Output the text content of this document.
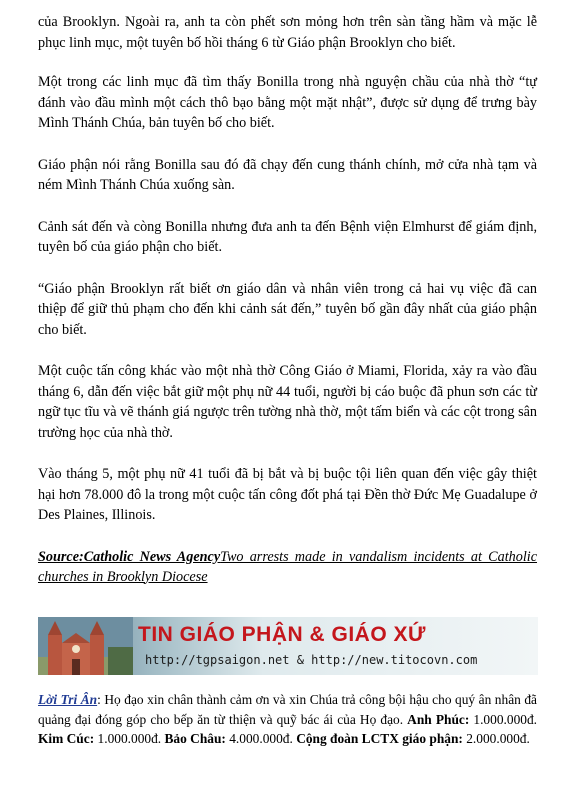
của Brooklyn. Ngoài ra, anh ta còn phết sơn mỏng hơn trên sàn tầng hầm và mặc lễ phục linh mục, một tuyên bố hồi tháng 6 từ Giáo phận Brooklyn cho biết.

Một trong các linh mục đã tìm thấy Bonilla trong nhà nguyện chầu của nhà thờ “tự đánh vào đầu mình một cách thô bạo bằng một mặt nhật”, được sử dụng để trưng bày Mình Thánh Chúa, bản tuyên bố cho biết.

Giáo phận nói rằng Bonilla sau đó đã chạy đến cung thánh chính, mở cửa nhà tạm và ném Mình Thánh Chúa xuống sàn.

Cảnh sát đến và còng Bonilla nhưng đưa anh ta đến Bệnh viện Elmhurst để giám định, tuyên bố của giáo phận cho biết.

“Giáo phận Brooklyn rất biết ơn giáo dân và nhân viên trong cả hai vụ việc đã can thiệp để giữ thủ phạm cho đến khi cảnh sát đến,” tuyên bố gần đây nhất của giáo phận cho biết.

Một cuộc tấn công khác vào một nhà thờ Công Giáo ở Miami, Florida, xảy ra vào đầu tháng 6, dẫn đến việc bắt giữ một phụ nữ 44 tuổi, người bị cáo buộc đã phun sơn các từ ngữ tục tĩu và vẽ thánh giá ngược trên tường nhà thờ, một tấm biển và các cột trong sân trường học của nhà thờ.

Vào tháng 5, một phụ nữ 41 tuổi đã bị bắt và bị buộc tội liên quan đến việc gây thiệt hại hơn 78.000 đô la trong một cuộc tấn công đốt phá tại Đền thờ Đức Mẹ Guadalupe ở Des Plaines, Illinois.

Source:Catholic News AgencyTwo arrests made in vandalism incidents at Catholic churches in Brooklyn Diocese

TIN GIÁO PHẬN & GIÁO XỨ
http://tgpsaigon.net & http://new.titocovn.com

Lời Tri Ân: Họ đạo xin chân thành cảm ơn và xin Chúa trả công bội hậu cho quý ân nhân đã quảng đại đóng góp cho bếp ăn từ thiện và quỹ bác ái của Họ đạo. Anh Phúc: 1.000.000đ. Kim Cúc: 1.000.000đ. Bảo Châu: 4.000.000đ. Cộng đoàn LCTX giáo phận: 2.000.000đ.
